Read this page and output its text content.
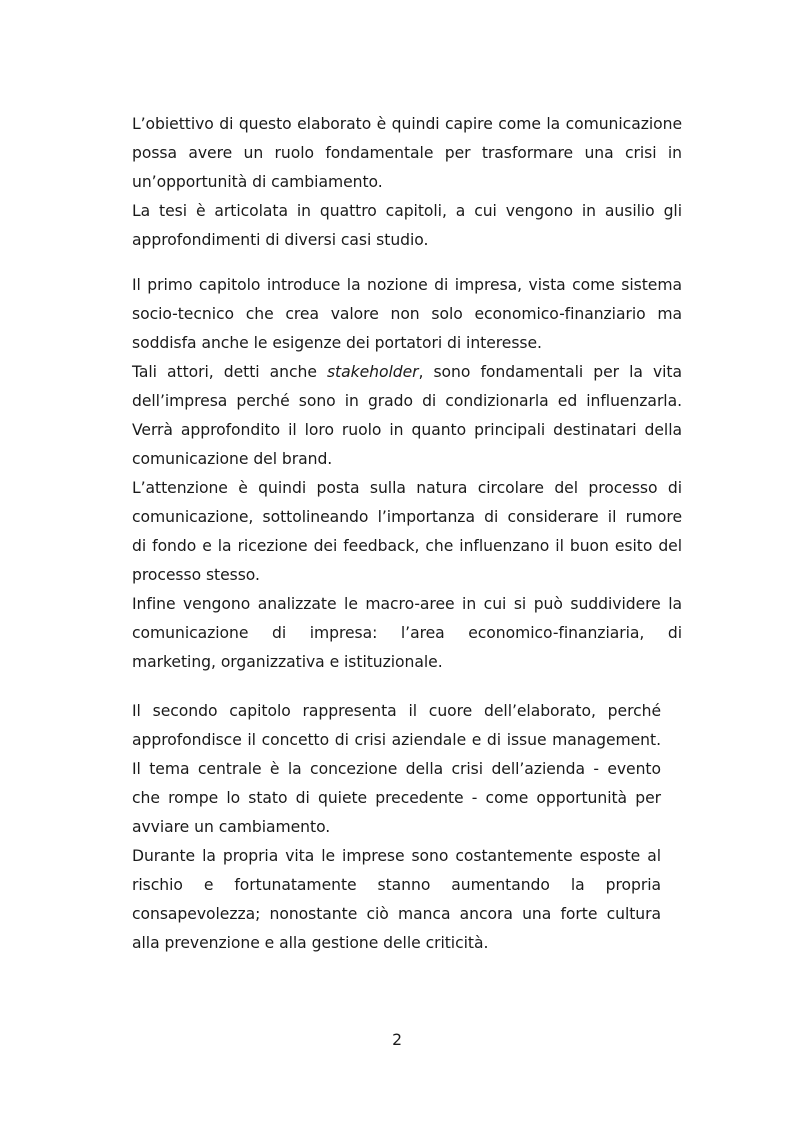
L’obiettivo di questo elaborato è quindi capire come la comunicazione
possa avere un ruolo fondamentale per trasformare una crisi in
un’opportunità di cambiamento.
La tesi è articolata in quattro capitoli, a cui vengono in ausilio gli
approfondimenti di diversi casi studio.
Il primo capitolo introduce la nozione di impresa, vista come sistema
socio-tecnico che crea valore non solo economico-finanziario ma
soddisfa anche le esigenze dei portatori di interesse.
Tali attori, detti anche stakeholder, sono fondamentali per la vita
dell’impresa perché sono in grado di condizionarla ed influenzarla.
Verrà approfondito il loro ruolo in quanto principali destinatari della
comunicazione del brand.
L’attenzione è quindi posta sulla natura circolare del processo di
comunicazione, sottolineando l’importanza di considerare il rumore
di fondo e la ricezione dei feedback, che influenzano il buon esito del
processo stesso.
Infine vengono analizzate le macro-aree in cui si può suddividere la
comunicazione di impresa: l’area economico-finanziaria, di
marketing, organizzativa e istituzionale.
Il secondo capitolo rappresenta il cuore dell’elaborato, perché
approfondisce il concetto di crisi aziendale e di issue management.
Il tema centrale è la concezione della crisi dell’azienda - evento
che rompe lo stato di quiete precedente - come opportunità per
avviare un cambiamento.
Durante la propria vita le imprese sono costantemente esposte al
rischio e fortunatamente stanno aumentando la propria
consapevolezza; nonostante ciò manca ancora una forte cultura
alla prevenzione e alla gestione delle criticità.
2
